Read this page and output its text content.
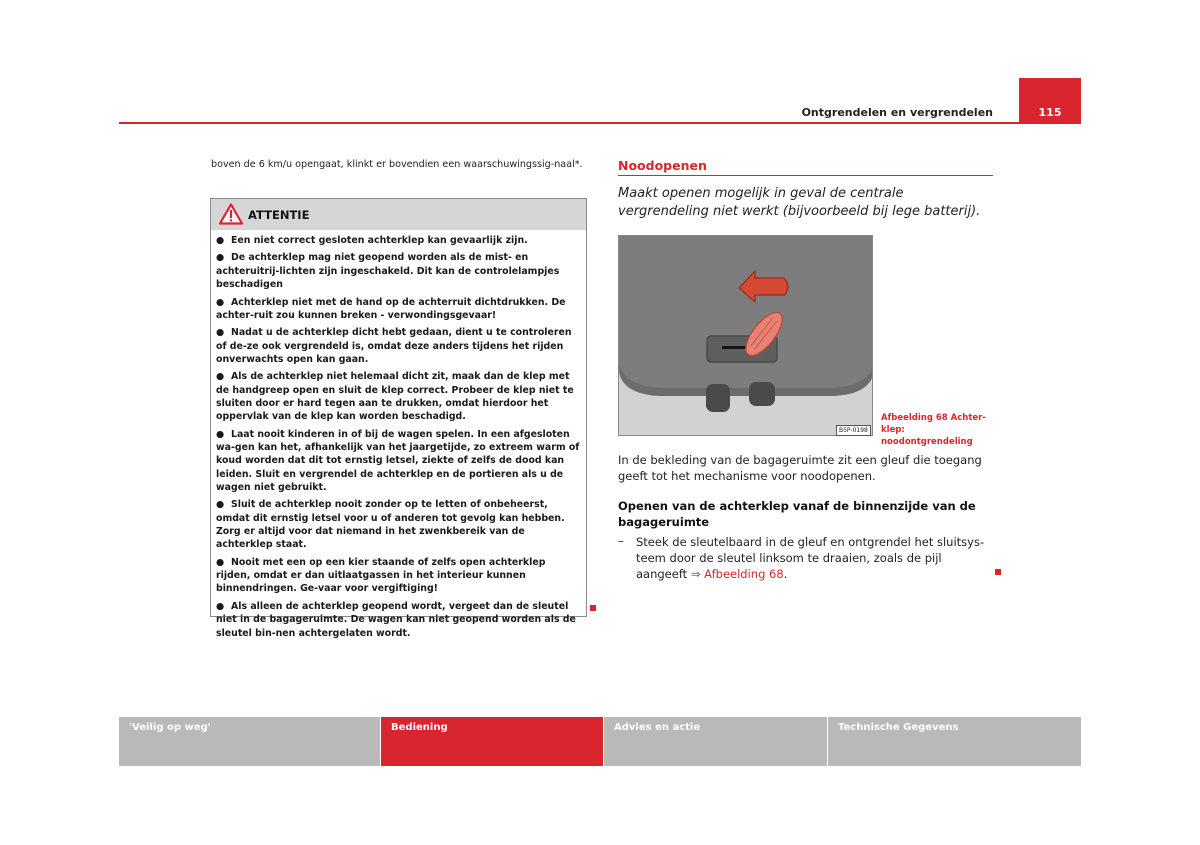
Ontgrendelen en vergrendelen	115
boven de 6 km/u opengaat, klinkt er bovendien een waarschuwingssig-naal*.
ATTENTIE
● Een niet correct gesloten achterklep kan gevaarlijk zijn.
● De achterklep mag niet geopend worden als de mist- en achteruitrij-lichten zijn ingeschakeld. Dit kan de controlelampjes beschadigen
● Achterklep niet met de hand op de achterruit dichtdrukken. De achter-ruit zou kunnen breken - verwondingsgevaar!
● Nadat u de achterklep dicht hebt gedaan, dient u te controleren of de-ze ook vergrendeld is, omdat deze anders tijdens het rijden onverwachts open kan gaan.
● Als de achterklep niet helemaal dicht zit, maak dan de klep met de handgreep open en sluit de klep correct. Probeer de klep niet te sluiten door er hard tegen aan te drukken, omdat hierdoor het oppervlak van de klep kan worden beschadigd.
● Laat nooit kinderen in of bij de wagen spelen. In een afgesloten wa-gen kan het, afhankelijk van het jaargetijde, zo extreem warm of koud worden dat dit tot ernstig letsel, ziekte of zelfs de dood kan leiden. Sluit en vergrendel de achterklep en de portieren als u de wagen niet gebruikt.
● Sluit de achterklep nooit zonder op te letten of onbeheerst, omdat dit ernstig letsel voor u of anderen tot gevolg kan hebben. Zorg er altijd voor dat niemand in het zwenkbereik van de achterklep staat.
● Nooit met een op een kier staande of zelfs open achterklep rijden, omdat er dan uitlaatgassen in het interieur kunnen binnendringen. Ge-vaar voor vergiftiging!
● Als alleen de achterklep geopend wordt, vergeet dan de sleutel niet in de bagageruimte. De wagen kan niet geopend worden als de sleutel bin-nen achtergelaten wordt.
Noodopenen
Maakt openen mogelijk in geval de centrale vergrendeling niet werkt (bijvoorbeeld bij lege batterij).
B5P-0198
Afbeelding 68 Achter-klep: noodontgrendeling
In de bekleding van de bagageruimte zit een gleuf die toegang geeft tot het mechanisme voor noodopenen.
Openen van de achterklep vanaf de binnenzijde van de bagageruimte
– Steek de sleutelbaard in de gleuf en ontgrendel het sluitsys-teem door de sleutel linksom te draaien, zoals de pijl aangeeft ⇒ Afbeelding 68.
'Veilig op weg'	Bediening	Advies en actie	Technische Gegevens
